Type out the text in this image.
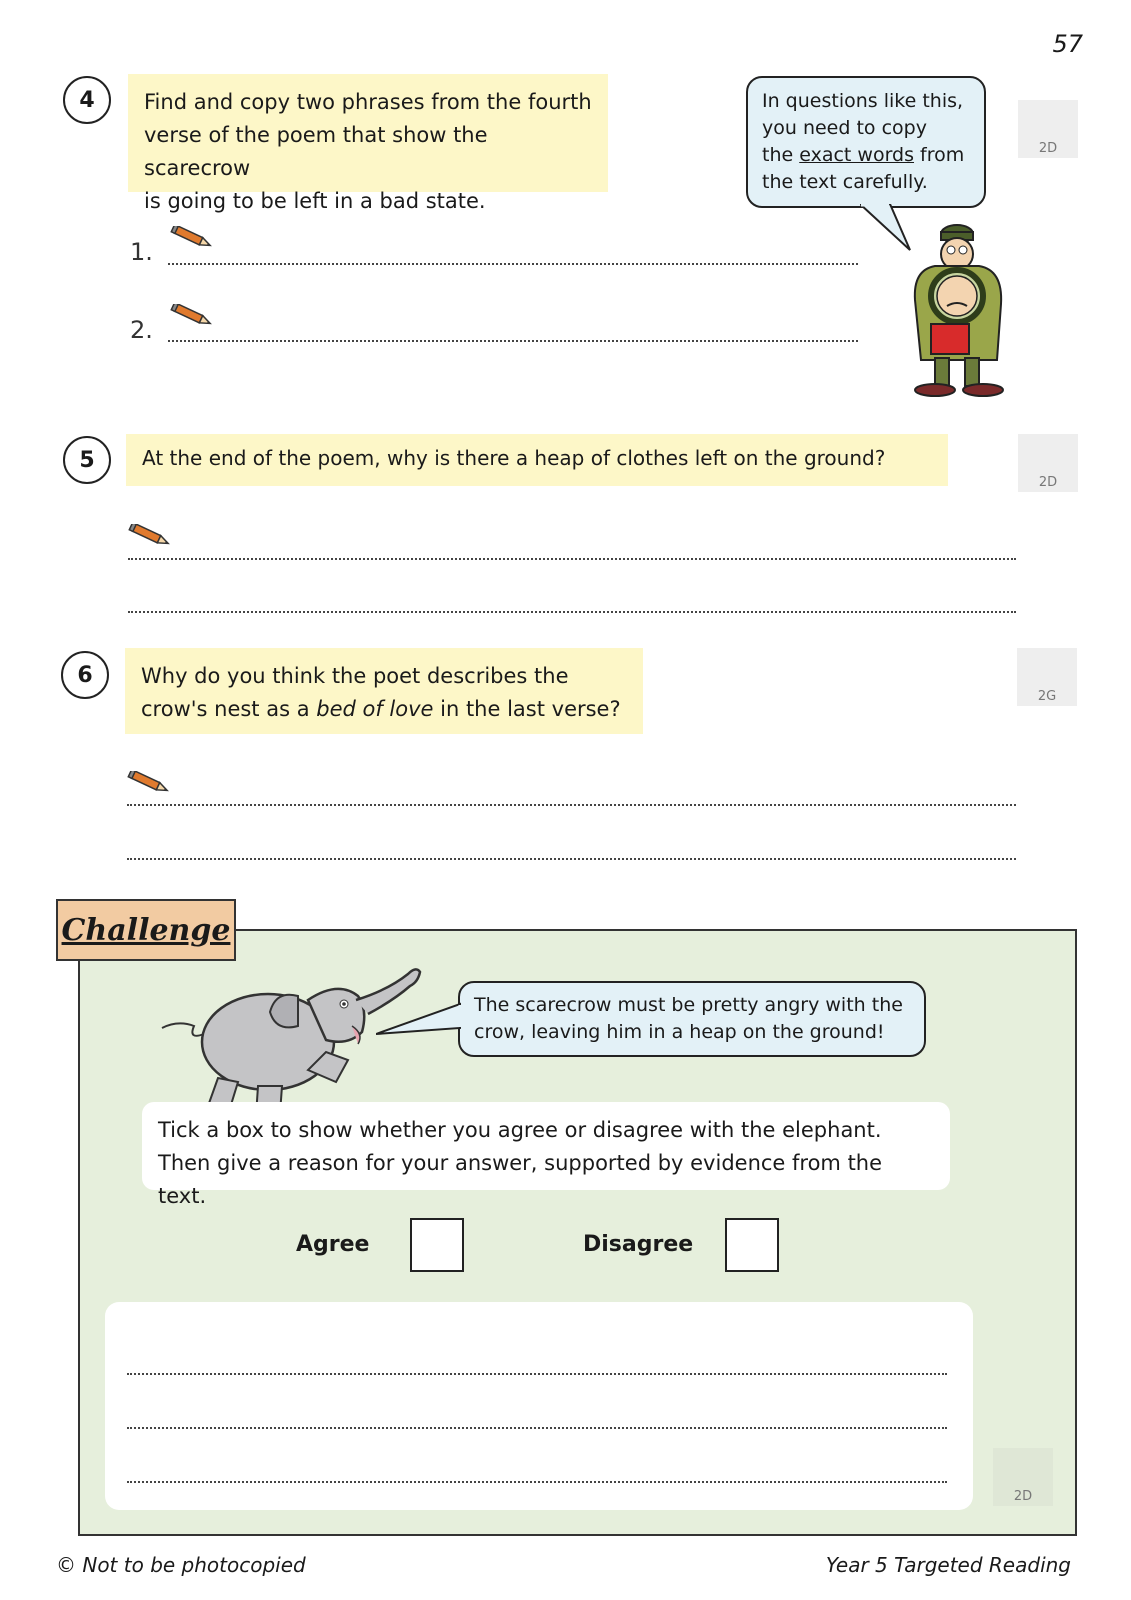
57
4	Find and copy two phrases from the fourth
verse of the poem that show the scarecrow
is going to be left in a bad state.
2D
1.
2.
In questions like this,
you need to copy
the exact words from
the text carefully.
5	At the end of the poem, why is there a heap of clothes left on the ground?
2D
6	Why do you think the poet describes the
crow's nest as a bed of love in the last verse?
2G
Challenge
The scarecrow must be pretty angry with the
crow, leaving him in a heap on the ground!
Tick a box to show whether you agree or disagree with the elephant.
Then give a reason for your answer, supported by evidence from the text.
Agree	Disagree
2D
© Not to be photocopied	Year 5 Targeted Reading
